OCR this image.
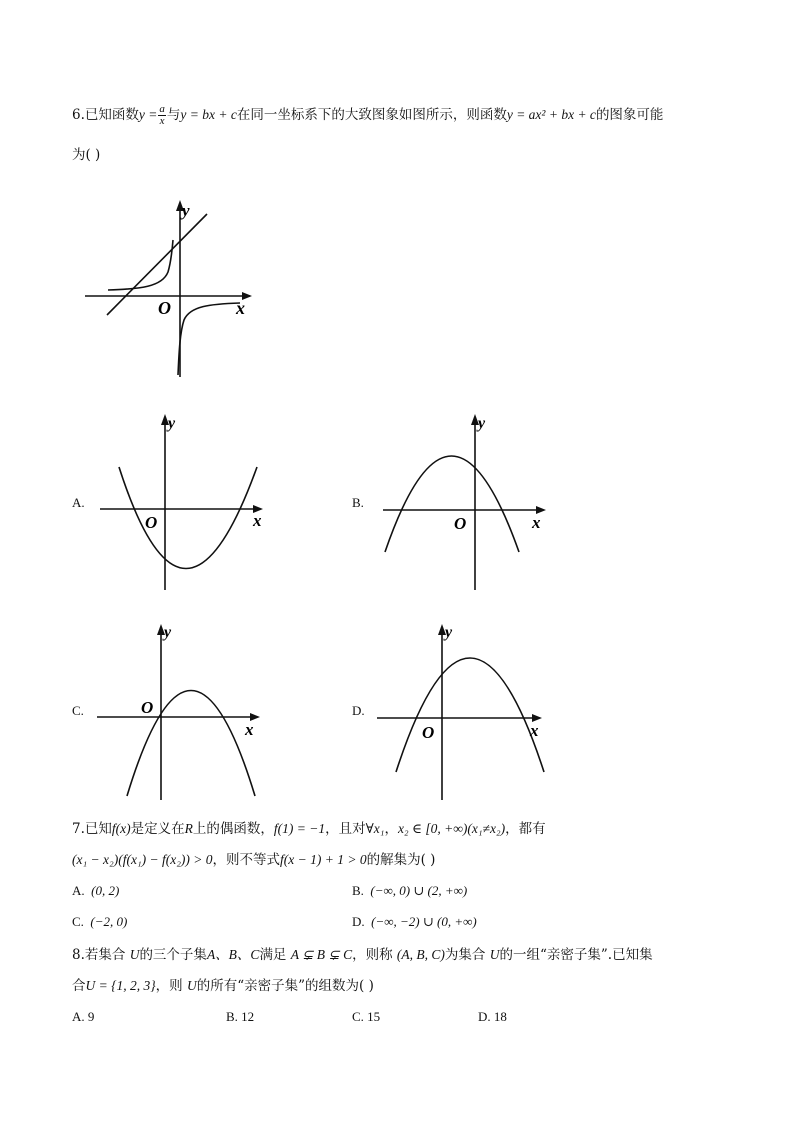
6.已知函数$y = \frac{a}{x}$ 与y = bx + c在同一坐标系下的大致图象如图所示，则函数y = ax² + bx + c的图象可能
为( )
y
O	x
A.
y
O	x
B.
y
O	x
C.
y
O
x
D.
y
O	x
7.已知f(x)是定义在R上的偶函数，f(1) = −1，且对∀x₁，x₂ ∈ [0, +∞)(x₁≠x₂)，都有
(x₁ − x₂)(f(x₁) − f(x₂)) > 0，则不等式f(x − 1) + 1 > 0的解集为( )
A. (0, 2)	B. (−∞, 0) ∪ (2, +∞)
C. (−2, 0)	D. (−∞, −2) ∪ (0, +∞)
8.若集合 U的三个子集A、B、C满足 A ⊊ B ⊊ C，则称 (A, B, C)为集合 U的一组“亲密子集”.已知集
合U = {1, 2, 3}，则 U的所有“亲密子集”的组数为( )
A. 9	B. 12	C. 15	D. 18
